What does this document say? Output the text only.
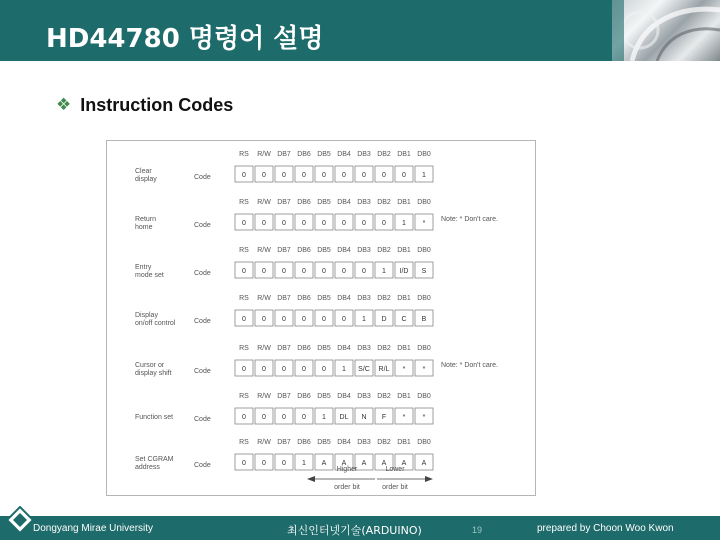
HD44780 명령어 설명
❖ Instruction Codes
RS R/W DB7 DB6 DB5 DB4 DB3 DB2 DB1 DB0
Clear
display	Code	0 0 0 0 0 0 0 0 0 1
RS R/W DB7 DB6 DB5 DB4 DB3 DB2 DB1 DB0
Return
home	Code	0 0 0 0 0 0 0 0 1 *
RS R/W DB7 DB6 DB5 DB4 DB3 DB2 DB1 DB0
Entry
mode set	Code	0 0 0 0 0 0 0 1 I/D S
RS R/W DB7 DB6 DB5 DB4 DB3 DB2 DB1 DB0
Display
on/off control	Code	0 0 0 0 0 0 1 D C B
RS R/W DB7 DB6 DB5 DB4 DB3 DB2 DB1 DB0
Cursor or
display shift	Code	0 0 0 0 0 1 S/C R/L * *
RS R/W DB7 DB6 DB5 DB4 DB3 DB2 DB1 DB0
Function set	Code	0 0 0 0 1 DL N F * *
RS R/W DB7 DB6 DB5 DB4 DB3 DB2 DB1 DB0
Set CGRAM
address	Code	0 0 0 1 A A A A A A
Note: * Don't care.
Note: * Don't care.
Higher
order bit
Lower
order bit
Dongyang Mirae University	최신인터넷기술(ARDUINO)	19	prepared by Choon Woo Kwon
